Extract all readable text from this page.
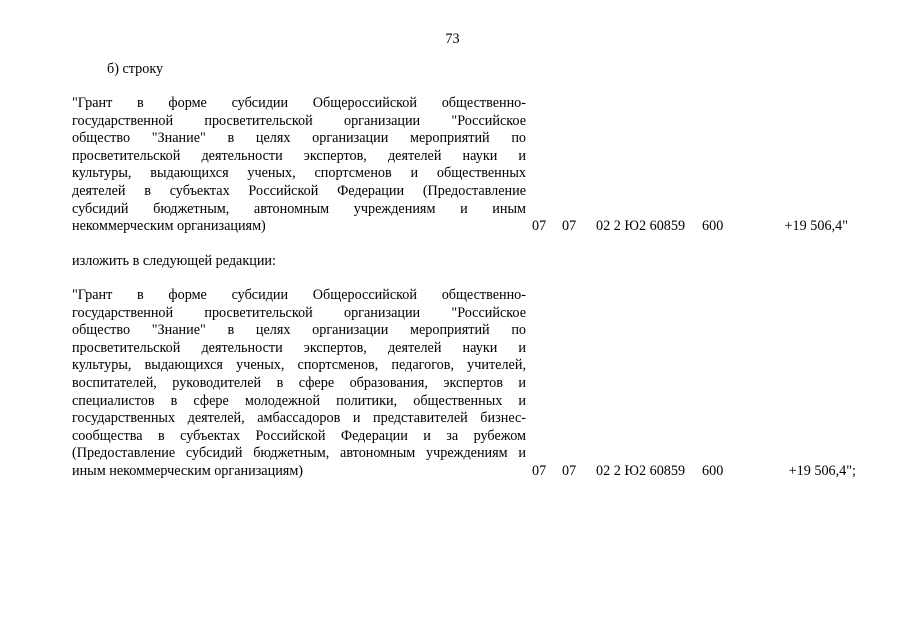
73
б) строку
"Грант в форме субсидии Общероссийской общественно-
государственной просветительской организации "Российское
общество "Знание" в целях организации мероприятий по
просветительской деятельности экспертов, деятелей науки и
культуры, выдающихся ученых, спортсменов и общественных
деятелей в субъектах Российской Федерации (Предоставление
субсидий бюджетным, автономным учреждениям и иным
некоммерческим организациям)	07 07 02 2 Ю2 60859 600	+19 506,4"
изложить в следующей редакции:
"Грант в форме субсидии Общероссийской общественно-
государственной просветительской организации "Российское
общество "Знание" в целях организации мероприятий по
просветительской деятельности экспертов, деятелей науки и
культуры, выдающихся ученых, спортсменов, педагогов, учителей,
воспитателей, руководителей в сфере образования, экспертов и
специалистов в сфере молодежной политики, общественных и
государственных деятелей, амбассадоров и представителей бизнес-
сообщества в субъектах Российской Федерации и за рубежом
(Предоставление субсидий бюджетным, автономным учреждениям и
иным некоммерческим организациям)	07 07 02 2 Ю2 60859 600	+19 506,4";
